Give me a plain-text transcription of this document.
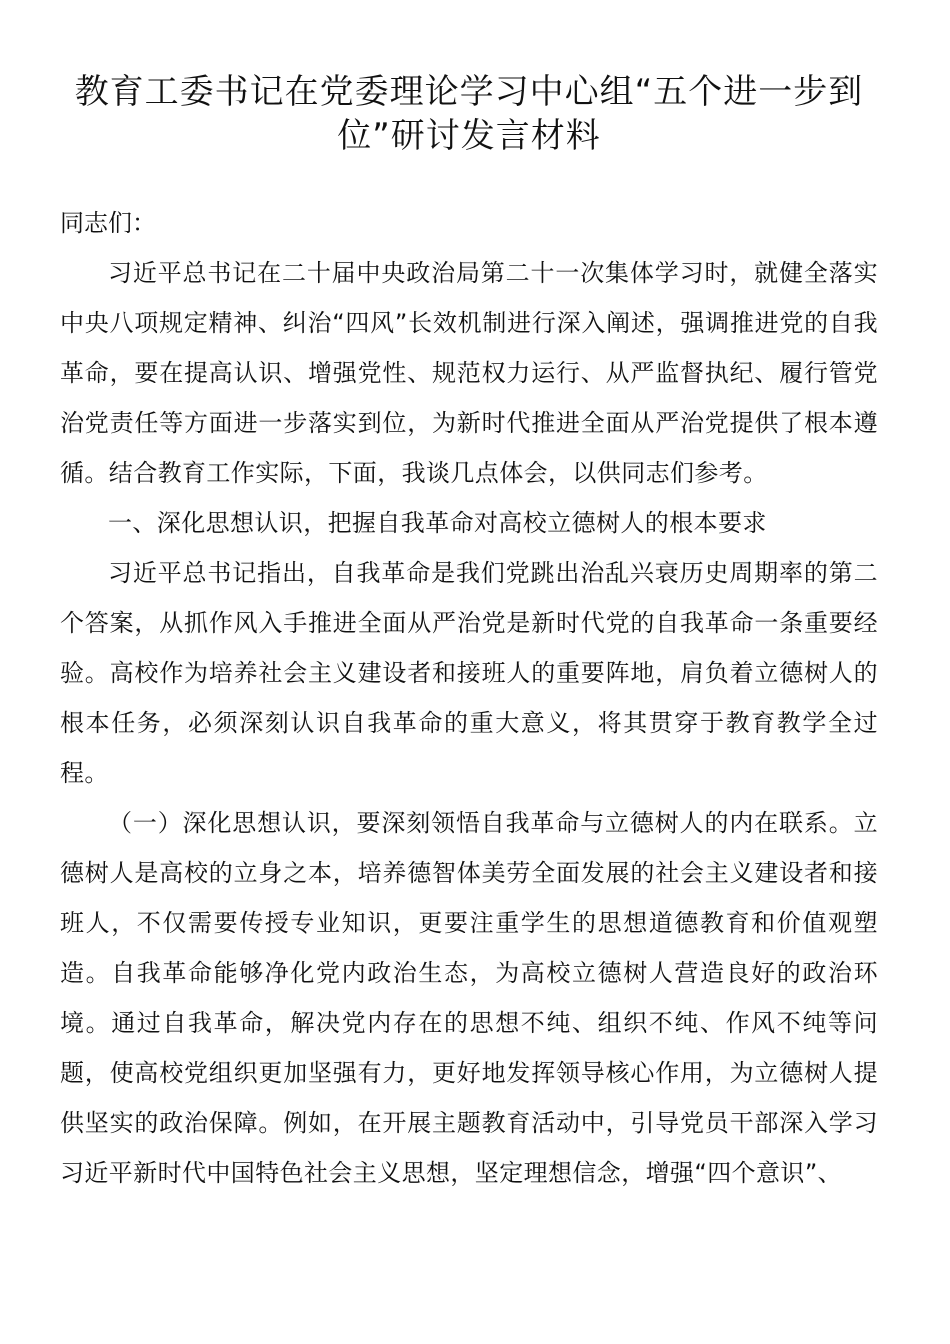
教育工委书记在党委理论学习中心组“五个进一步到位”研讨发言材料

同志们：

习近平总书记在二十届中央政治局第二十一次集体学习时，就健全落实中央八项规定精神、纠治“四风”长效机制进行深入阐述，强调推进党的自我革命，要在提高认识、增强党性、规范权力运行、从严监督执纪、履行管党治党责任等方面进一步落实到位，为新时代推进全面从严治党提供了根本遵循。结合教育工作实际，下面，我谈几点体会，以供同志们参考。

一、深化思想认识，把握自我革命对高校立德树人的根本要求

习近平总书记指出，自我革命是我们党跳出治乱兴衰历史周期率的第二个答案，从抓作风入手推进全面从严治党是新时代党的自我革命一条重要经验。高校作为培养社会主义建设者和接班人的重要阵地，肩负着立德树人的根本任务，必须深刻认识自我革命的重大意义，将其贯穿于教育教学全过程。

（一）深化思想认识，要深刻领悟自我革命与立德树人的内在联系。立德树人是高校的立身之本，培养德智体美劳全面发展的社会主义建设者和接班人，不仅需要传授专业知识，更要注重学生的思想道德教育和价值观塑造。自我革命能够净化党内政治生态，为高校立德树人营造良好的政治环境。通过自我革命，解决党内存在的思想不纯、组织不纯、作风不纯等问题，使高校党组织更加坚强有力，更好地发挥领导核心作用，为立德树人提供坚实的政治保障。例如，在开展主题教育活动中，引导党员干部深入学习习近平新时代中国特色社会主义思想，坚定理想信念，增强“四个意识”、
